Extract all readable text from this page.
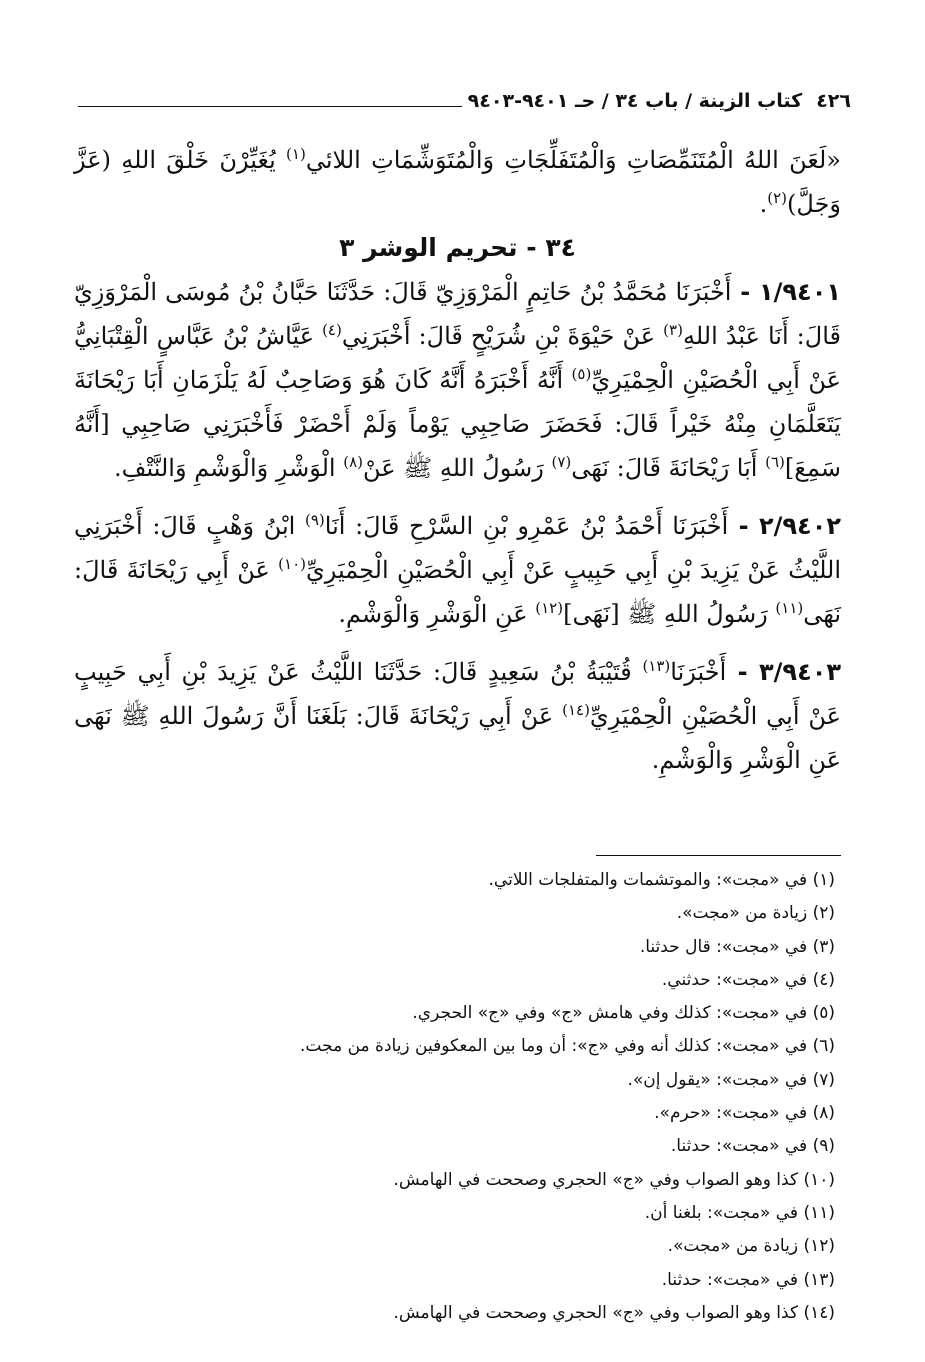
٤٢٦
كتاب الزينة / باب ٣٤ / حـ ٩٤٠١-٩٤٠٣

«لَعَنَ اللهُ الْمُتَنَمِّصَاتِ وَالْمُتَفَلِّجَاتِ وَالْمُتَوَشِّمَاتِ اللائي$^{(١)}$ يُغَيِّرْنَ خَلْقَ اللهِ (عَزَّ وَجَلَّ)$^{(٢)}$.

٣٤ - تحريم الوشر ٣

١/٩٤٠١ - أَخْبَرَنَا مُحَمَّدُ بْنُ حَاتِمٍ الْمَرْوَزِيّ قَالَ: حَدَّثَنَا حَبَّانُ بْنُ مُوسَى الْمَرْوَزِيّ قَالَ: أَنَا عَبْدُ اللهِ$^{(٣)}$ عَنْ حَيْوَةَ بْنِ شُرَيْحٍ قَالَ: أَخْبَرَنِي$^{(٤)}$ عَيَّاشُ بْنُ عَبَّاسٍ الْقِتْبَانِيُّ عَنْ أَبِي الْحُصَيْنِ الْحِمْيَرِيِّ$^{(٥)}$ أَنَّهُ أَخْبَرَهُ أَنَّهُ كَانَ هُوَ وَصَاحِبٌ لَهُ يَلْزَمَانِ أَبَا رَيْحَانَةَ يَتَعَلَّمَانِ مِنْهُ خَيْراً قَالَ: فَحَضَرَ صَاحِبِي يَوْماً وَلَمْ أَحْضَرْ فَأَخْبَرَنِي صَاحِبِي [أَنَّهُ سَمِعَ]$^{(٦)}$ أَبَا رَيْحَانَةَ قَالَ: نَهَى$^{(٧)}$ رَسُولُ اللهِ ﷺ عَنْ$^{(٨)}$ الْوَشْرِ وَالْوَشْمِ وَالنَّتْفِ.

٢/٩٤٠٢ - أَخْبَرَنَا أَحْمَدُ بْنُ عَمْرِو بْنِ السَّرْحِ قَالَ: أَنَا$^{(٩)}$ ابْنُ وَهْبٍ قَالَ: أَخْبَرَنِي اللَّيْثُ عَنْ يَزِيدَ بْنِ أَبِي حَبِيبٍ عَنْ أَبِي الْحُصَيْنِ الْحِمْيَرِيِّ$^{(١٠)}$ عَنْ أَبِي رَيْحَانَةَ قَالَ: نَهَى$^{(١١)}$ رَسُولُ اللهِ ﷺ [نَهَى]$^{(١٢)}$ عَنِ الْوَشْرِ وَالْوَشْمِ.

٣/٩٤٠٣ - أَخْبَرَنَا$^{(١٣)}$ قُتَيْبَةُ بْنُ سَعِيدٍ قَالَ: حَدَّثَنَا اللَّيْثُ عَنْ يَزِيدَ بْنِ أَبِي حَبِيبٍ عَنْ أَبِي الْحُصَيْنِ الْحِمْيَرِيِّ$^{(١٤)}$ عَنْ أَبِي رَيْحَانَةَ قَالَ: بَلَغَنَا أَنَّ رَسُولَ اللهِ ﷺ نَهَى عَنِ الْوَشْرِ وَالْوَشْمِ.

(١) في «مجت»: والموتشمات والمتفلجات اللاتي.
(٢) زيادة من «مجت».
(٣) في «مجت»: قال حدثنا.
(٤) في «مجت»: حدثني.
(٥) في «مجت»: كذلك وفي هامش «ج» وفي «ج» الحجري.
(٦) في «مجت»: كذلك أنه وفي «ج»: أن وما بين المعكوفين زيادة من مجت.
(٧) في «مجت»: «يقول إن».
(٨) في «مجت»: «حرم».
(٩) في «مجت»: حدثنا.
(١٠) كذا وهو الصواب وفي «ج» الحجري وصححت في الهامش.
(١١) في «مجت»: بلغنا أن.
(١٢) زيادة من «مجت».
(١٣) في «مجت»: حدثنا.
(١٤) كذا وهو الصواب وفي «ج» الحجري وصححت في الهامش.
